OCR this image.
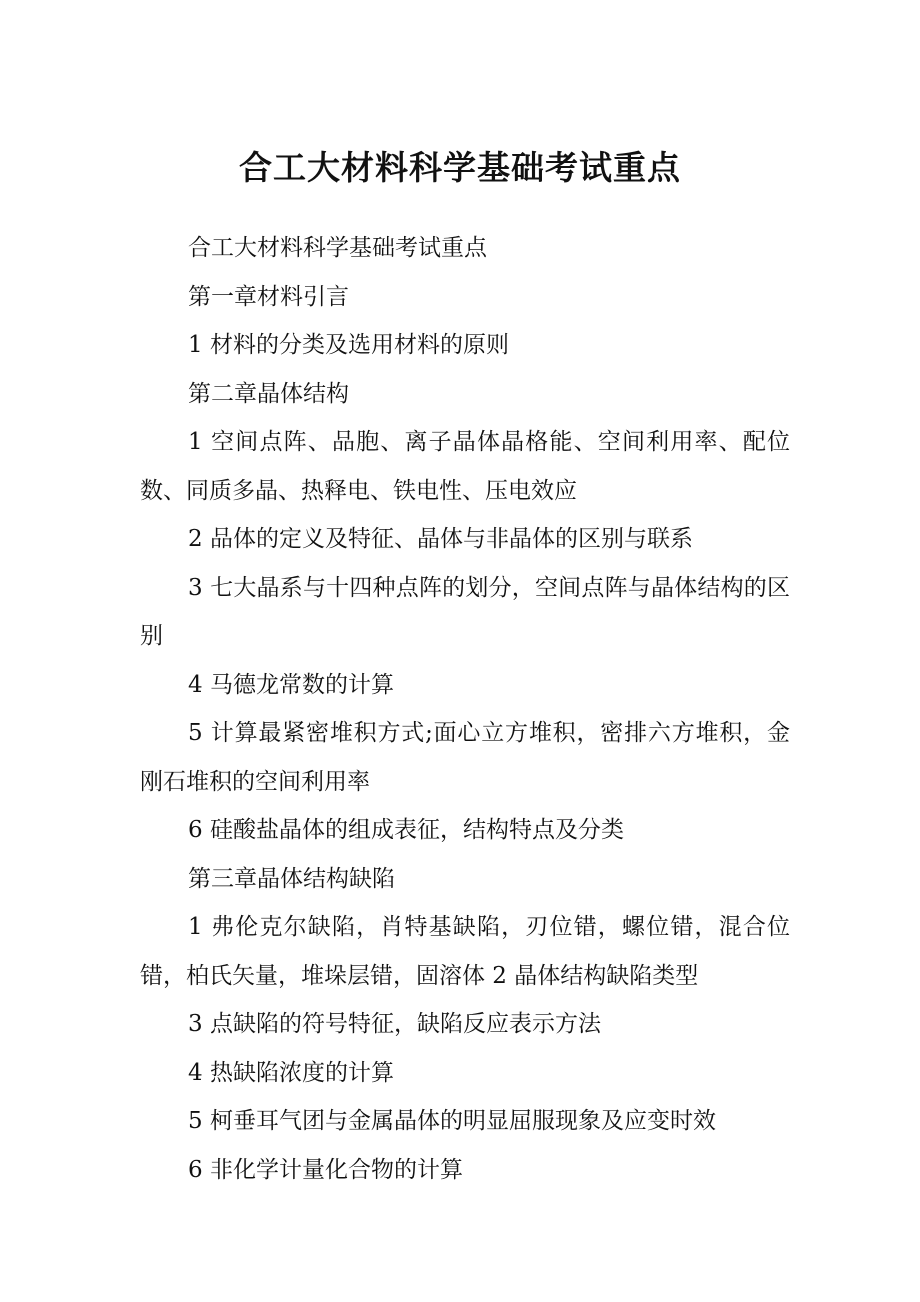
合工大材料科学基础考试重点

合工大材料科学基础考试重点

第一章材料引言

1 材料的分类及选用材料的原则

第二章晶体结构

1 空间点阵、品胞、离子晶体晶格能、空间利用率、配位数、同质多晶、热释电、铁电性、压电效应

2 品体的定义及特征、晶体与非晶体的区别与联系

3 七大晶系与十四种点阵的划分，空间点阵与晶体结构的区别

4 马德龙常数的计算

5 计算最紧密堆积方式;面心立方堆积，密排六方堆积，金刚石堆积的空间利用率

6 硅酸盐晶体的组成表征，结构特点及分类

第三章晶体结构缺陷

1 弗伦克尔缺陷，肖特基缺陷，刃位错，螺位错，混合位错，柏氏矢量，堆垛层错，固溶体 2 晶体结构缺陷类型

3 点缺陷的符号特征，缺陷反应表示方法

4 热缺陷浓度的计算

5 柯垂耳气团与金属晶体的明显屈服现象及应变时效

6 非化学计量化合物的计算
